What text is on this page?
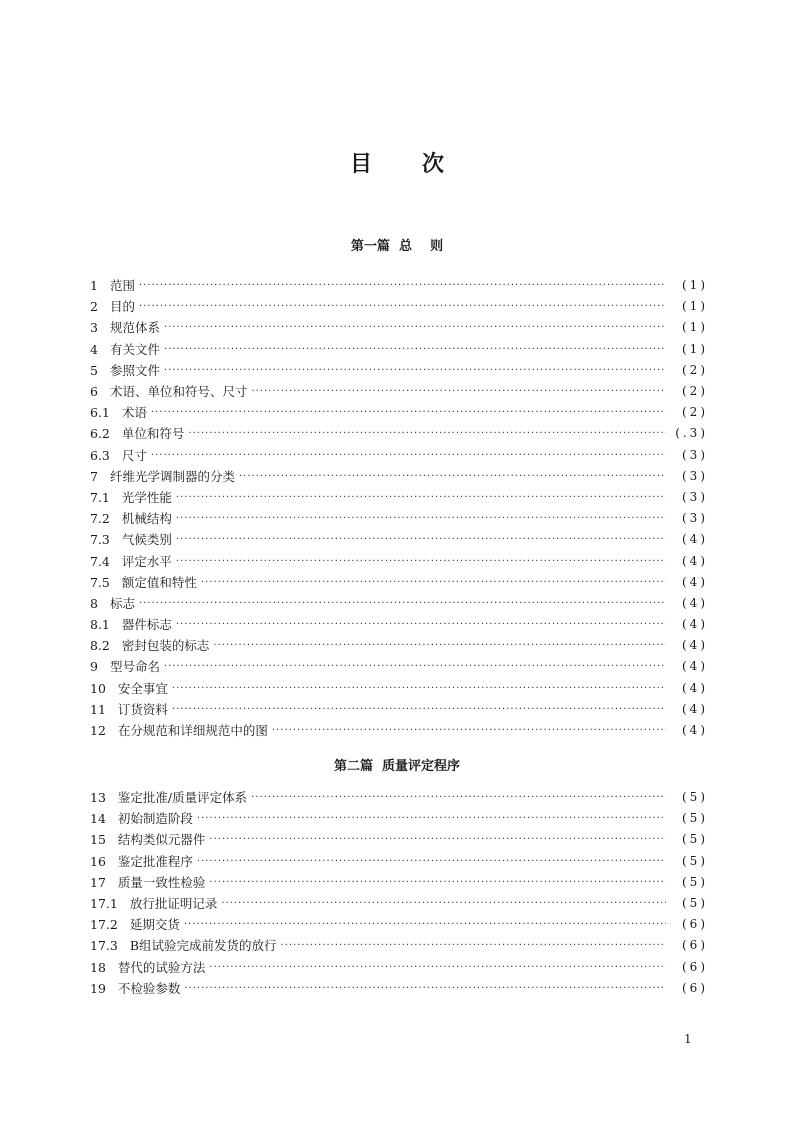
目次
第一篇  总    则
1 范围 ·····	(1)
2 目的 ·····	(1)
3 规范体系 ·····	(1)
4 有关文件 ·····	(1)
5 参照文件 ·····	(2)
6 术语、单位和符号、尺寸 ·····	(2)
6.1 术语 ·····	(2)
6.2 单位和符号 ·····	(.3)
6.3 尺寸 ·····	(3)
7 纤维光学调制器的分类 ·····	(3)
7.1 光学性能 ·····	(3)
7.2 机械结构 ·····	(3)
7.3 气候类别 ·····	(4)
7.4 评定水平 ·····	(4)
7.5 额定值和特性 ·····	(4)
8 标志 ·····	(4)
8.1 器件标志 ·····	(4)
8.2 密封包装的标志 ·····	(4)
9 型号命名 ·····	(4)
10 安全事宜 ·····	(4)
11 订货资料 ·····	(4)
12 在分规范和详细规范中的图 ·····	(4)
第二篇  质量评定程序
13 鉴定批准/质量评定体系 ·····	(5)
14 初始制造阶段 ·····	(5)
15 结构类似元器件 ·····	(5)
16 鉴定批准程序 ·····	(5)
17 质量一致性检验 ·····	(5)
17.1 放行批证明记录 ·····	(5)
17.2 延期交货 ·····	(6)
17.3 B组试验完成前发货的放行 ·····	(6)
18 替代的试验方法 ·····	(6)
19 不检验参数 ·····	(6)
1
